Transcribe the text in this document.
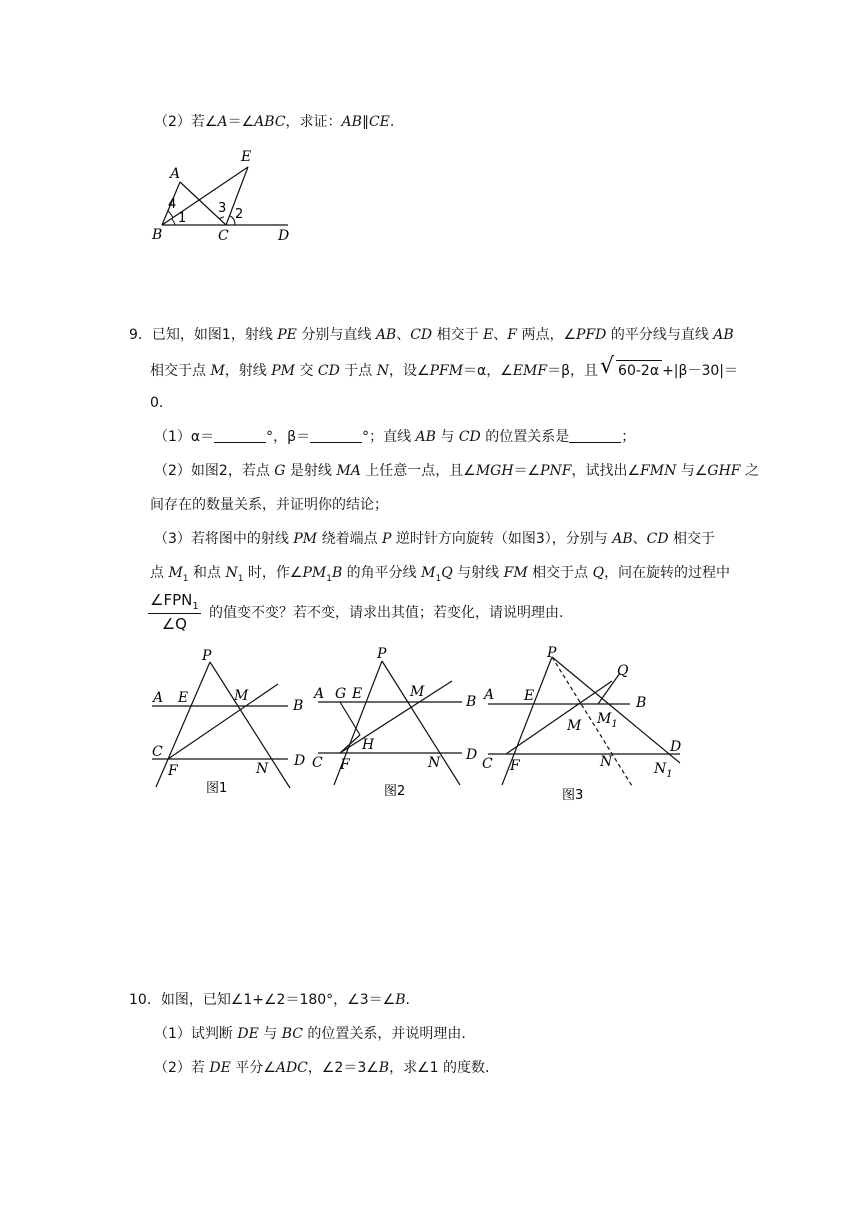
（2）若∠A＝∠ABC，求证：AB∥CE.
A
E
B	C	D
1	2
3
4
9．已知，如图1，射线 PE 分别与直线 AB、CD 相交于 E、F 两点，∠PFD 的平分线与直线 AB
相交于点 M，射线 PM 交 CD 于点 N，设∠PFM＝α，∠EMF＝β，且 √ 60-2α +|β－30|＝
0.
（1）α＝	°，β＝	°；直线 AB 与 CD 的位置关系是	；
（2）如图2，若点 G 是射线 MA 上任意一点，且∠MGH＝∠PNF，试找出∠FMN 与∠GHF 之
间存在的数量关系，并证明你的结论；
（3）若将图中的射线 PM 绕着端点 P 逆时针方向旋转（如图3），分别与 AB、CD 相交于
点 $M_1$ 和点 $N_1$ 时，作$\angle PM_1B$ 的角平分线 $M_1Q$ 与射线 FM 相交于点 Q，问在旋转的过程中
$\angle FPN_1$
∠Q
的值变不变？若不变，请求出其值；若变化，请说明理由.
P
A E	M
B
C
F	N D
图1
P
A G E	M
B
H
C F	N D
图2
P
Q
A E	B
M $M_1$
C F	N	$N_1$
D
图3
10．如图，已知∠1+∠2＝180°，∠3＝∠B.
（1）试判断 DE 与 BC 的位置关系，并说明理由.
（2）若 DE 平分∠ADC，∠2＝3∠B，求∠1 的度数.
